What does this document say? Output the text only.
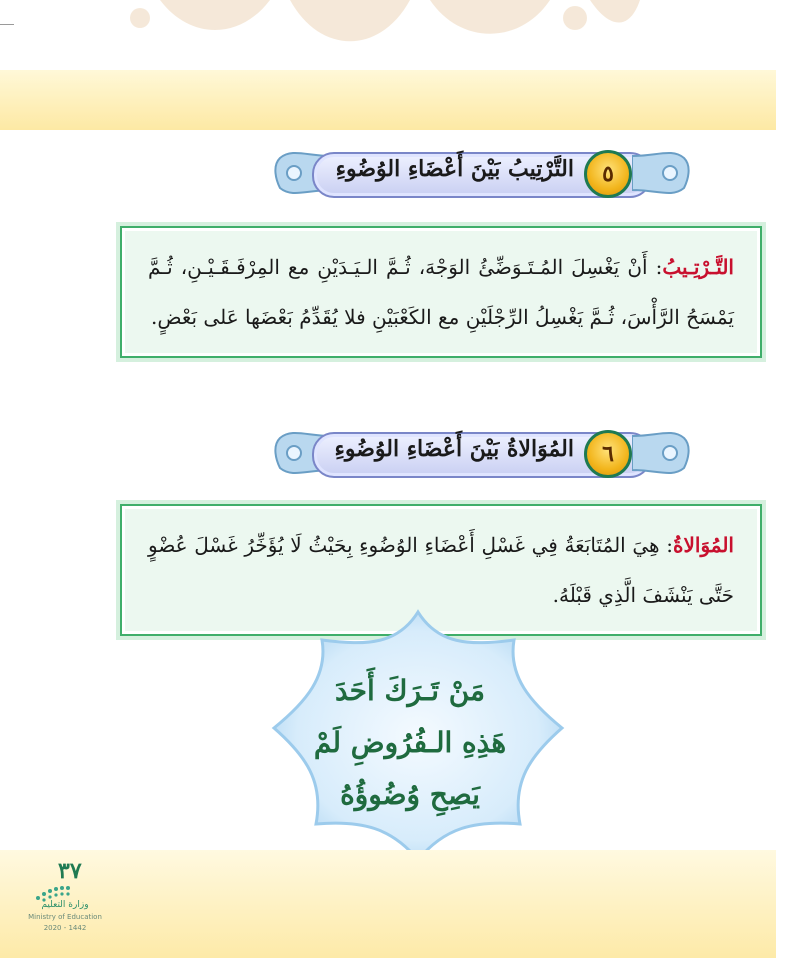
٥
التَّرْتِيبُ بَيْنَ أَعْضَاءِ الوُضُوءِ
التَّـرْتِـيبُ: أَنْ يَغْسِلَ المُـتَـوَضِّئُ الوَجْهَ، ثُـمَّ الـيَـدَيْنِ مع المِرْفَـقَـيْـنِ، ثُـمَّ يَمْسَحُ الرَّأْسَ، ثُـمَّ يَغْسِلُ الرِّجْلَيْنِ مع الكَعْبَيْنِ فلا يُقَدِّمُ بَعْضَها عَلى بَعْضٍ.
٦
المُوَالاةُ بَيْنَ أَعْضَاءِ الوُضُوءِ
المُوَالاةُ: هِيَ المُتَابَعَةُ فِي غَسْلِ أَعْضَاءِ الوُضُوءِ بِحَيْثُ لَا يُؤَخِّرُ غَسْلَ عُضْوٍ حَتَّى يَنْشَفَ الَّذِي قَبْلَهُ.
مَنْ تَـرَكَ أَحَدَ
هَذِهِ الـفُرُوضِ لَمْ
يَصِحِ وُضُوؤُهُ
٣٧
وزارة التعليم
Ministry of Education
2020 - 1442
